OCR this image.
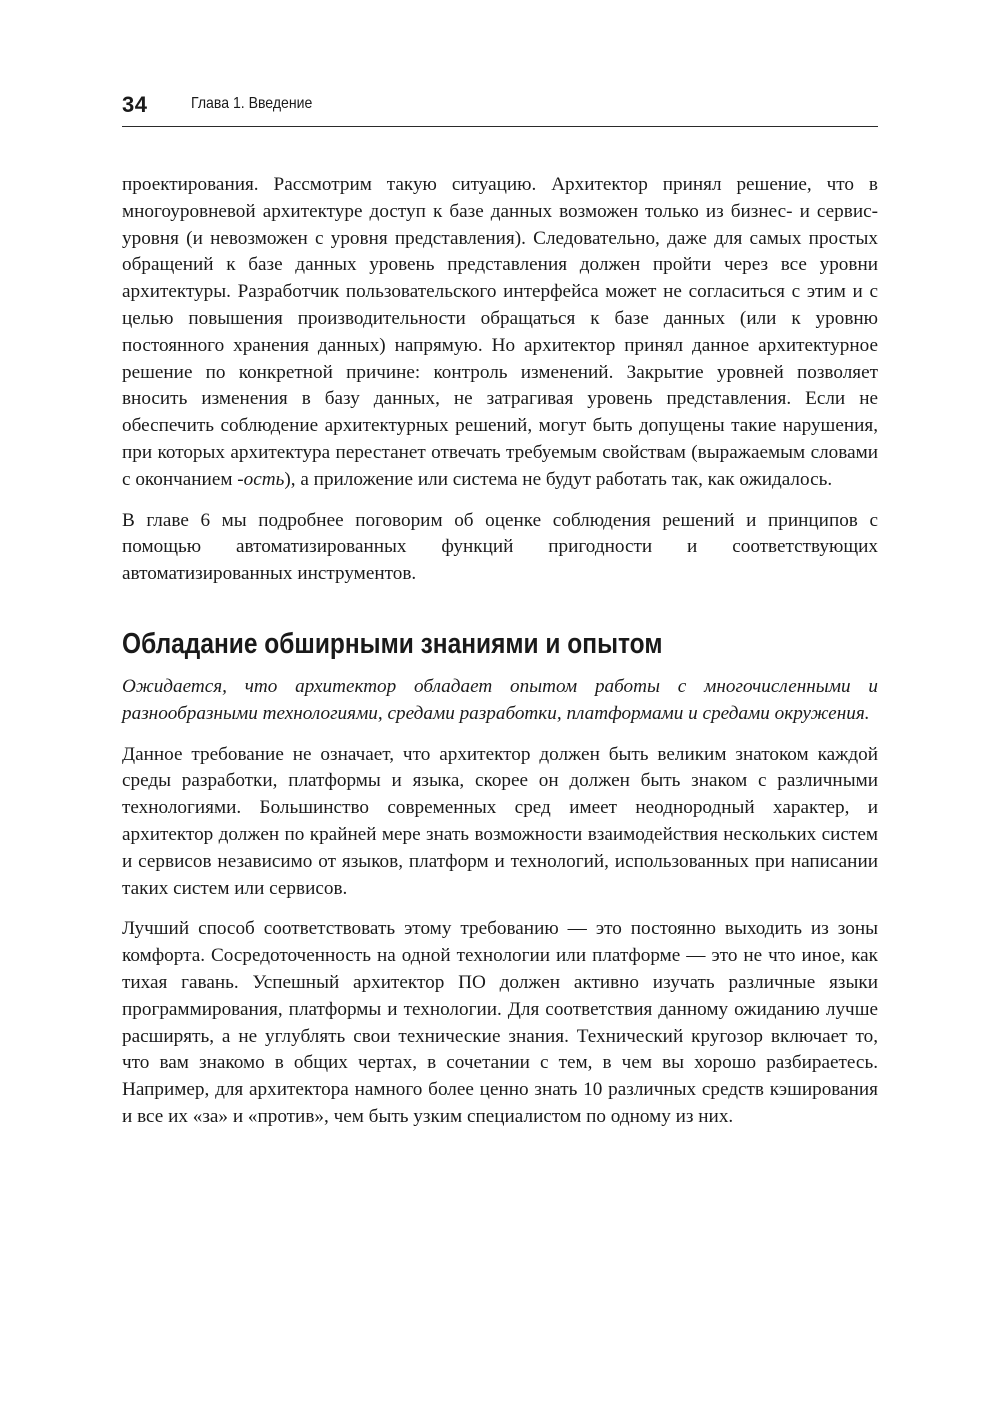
34	Глава 1. Введение

проектирования. Рассмотрим такую ситуацию. Архитектор принял решение, что в многоуровневой архитектуре доступ к базе данных возможен только из бизнес- и сервис-уровня (и невозможен с уровня представления). Следовательно, даже для самых простых обращений к базе данных уровень представления должен пройти через все уровни архитектуры. Разработчик пользовательского интерфейса может не согласиться с этим и с целью повышения производительности обращаться к базе данных (или к уровню постоянного хранения данных) напрямую. Но архитектор принял данное архитектурное решение по конкретной причине: контроль изменений. Закрытие уровней позволяет вносить изменения в базу данных, не затрагивая уровень представления. Если не обеспечить соблюдение архитектурных решений, могут быть допущены такие нарушения, при которых архитектура перестанет отвечать требуемым свойствам (выражаемым словами с окончанием -ость), а приложение или система не будут работать так, как ожидалось.

В главе 6 мы подробнее поговорим об оценке соблюдения решений и принципов с помощью автоматизированных функций пригодности и соответствующих автоматизированных инструментов.

Обладание обширными знаниями и опытом

Ожидается, что архитектор обладает опытом работы с многочисленными и разнообразными технологиями, средами разработки, платформами и средами окружения.

Данное требование не означает, что архитектор должен быть великим знатоком каждой среды разработки, платформы и языка, скорее он должен быть знаком с различными технологиями. Большинство современных сред имеет неоднородный характер, и архитектор должен по крайней мере знать возможности взаимодействия нескольких систем и сервисов независимо от языков, платформ и технологий, использованных при написании таких систем или сервисов.

Лучший способ соответствовать этому требованию — это постоянно выходить из зоны комфорта. Сосредоточенность на одной технологии или платформе — это не что иное, как тихая гавань. Успешный архитектор ПО должен активно изучать различные языки программирования, платформы и технологии. Для соответствия данному ожиданию лучше расширять, а не углублять свои технические знания. Технический кругозор включает то, что вам знакомо в общих чертах, в сочетании с тем, в чем вы хорошо разбираетесь. Например, для архитектора намного более ценно знать 10 различных средств кэширования и все их «за» и «против», чем быть узким специалистом по одному из них.
